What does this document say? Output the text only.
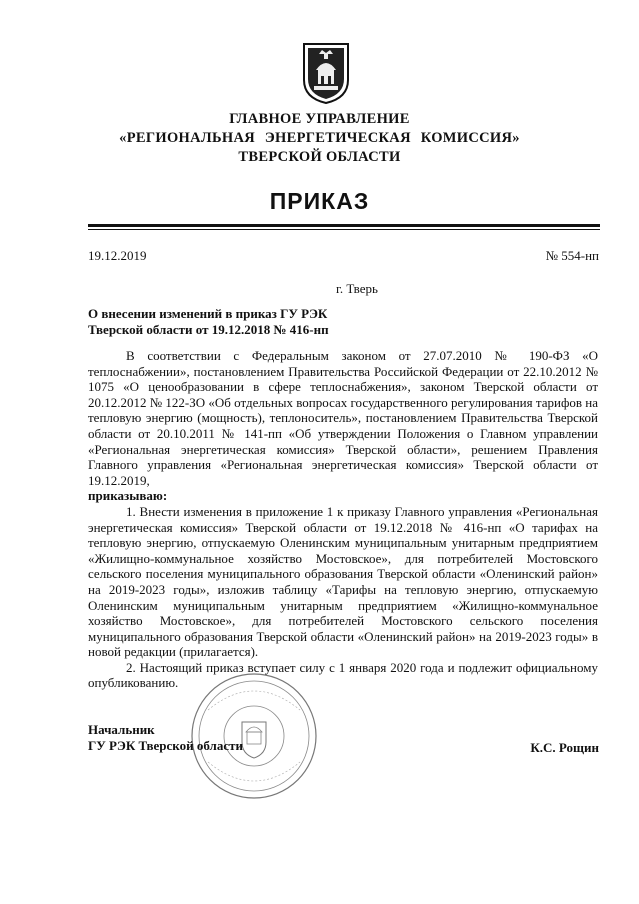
ГЛАВНОЕ УПРАВЛЕНИЕ
«РЕГИОНАЛЬНАЯ ЭНЕРГЕТИЧЕСКАЯ КОМИССИЯ»
ТВЕРСКОЙ ОБЛАСТИ
ПРИКАЗ
19.12.2019	№ 554-нп
г. Тверь
О внесении изменений в приказ ГУ РЭК
Тверской области от 19.12.2018 № 416-нп

В соответствии с Федеральным законом от 27.07.2010 № 190-ФЗ «О теплоснабжении», постановлением Правительства Российской Федерации от 22.10.2012 № 1075 «О ценообразовании в сфере теплоснабжения», законом Тверской области от 20.12.2012 № 122-ЗО «Об отдельных вопросах государственного регулирования тарифов на тепловую энергию (мощность), теплоноситель», постановлением Правительства Тверской области от 20.10.2011 № 141-пп «Об утверждении Положения о Главном управлении «Региональная энергетическая комиссия» Тверской области», решением Правления Главного управления «Региональная энергетическая комиссия» Тверской области от 19.12.2019,

приказываю:

1. Внести изменения в приложение 1 к приказу Главного управления «Региональная энергетическая комиссия» Тверской области от 19.12.2018 № 416-нп «О тарифах на тепловую энергию, отпускаемую Оленинским муниципальным унитарным предприятием «Жилищно-коммунальное хозяйство Мостовское», для потребителей Мостовского сельского поселения муниципального образования Тверской области «Оленинский район» на 2019-2023 годы», изложив таблицу «Тарифы на тепловую энергию, отпускаемую Оленинским муниципальным унитарным предприятием «Жилищно-коммунальное хозяйство Мостовское», для потребителей Мостовского сельского поселения муниципального образования Тверской области «Оленинский район» на 2019-2023 годы» в новой редакции (прилагается).

2. Настоящий приказ вступает силу с 1 января 2020 года и подлежит официальному опубликованию.

Начальник
ГУ РЭК Тверской области	К.С. Рощин
